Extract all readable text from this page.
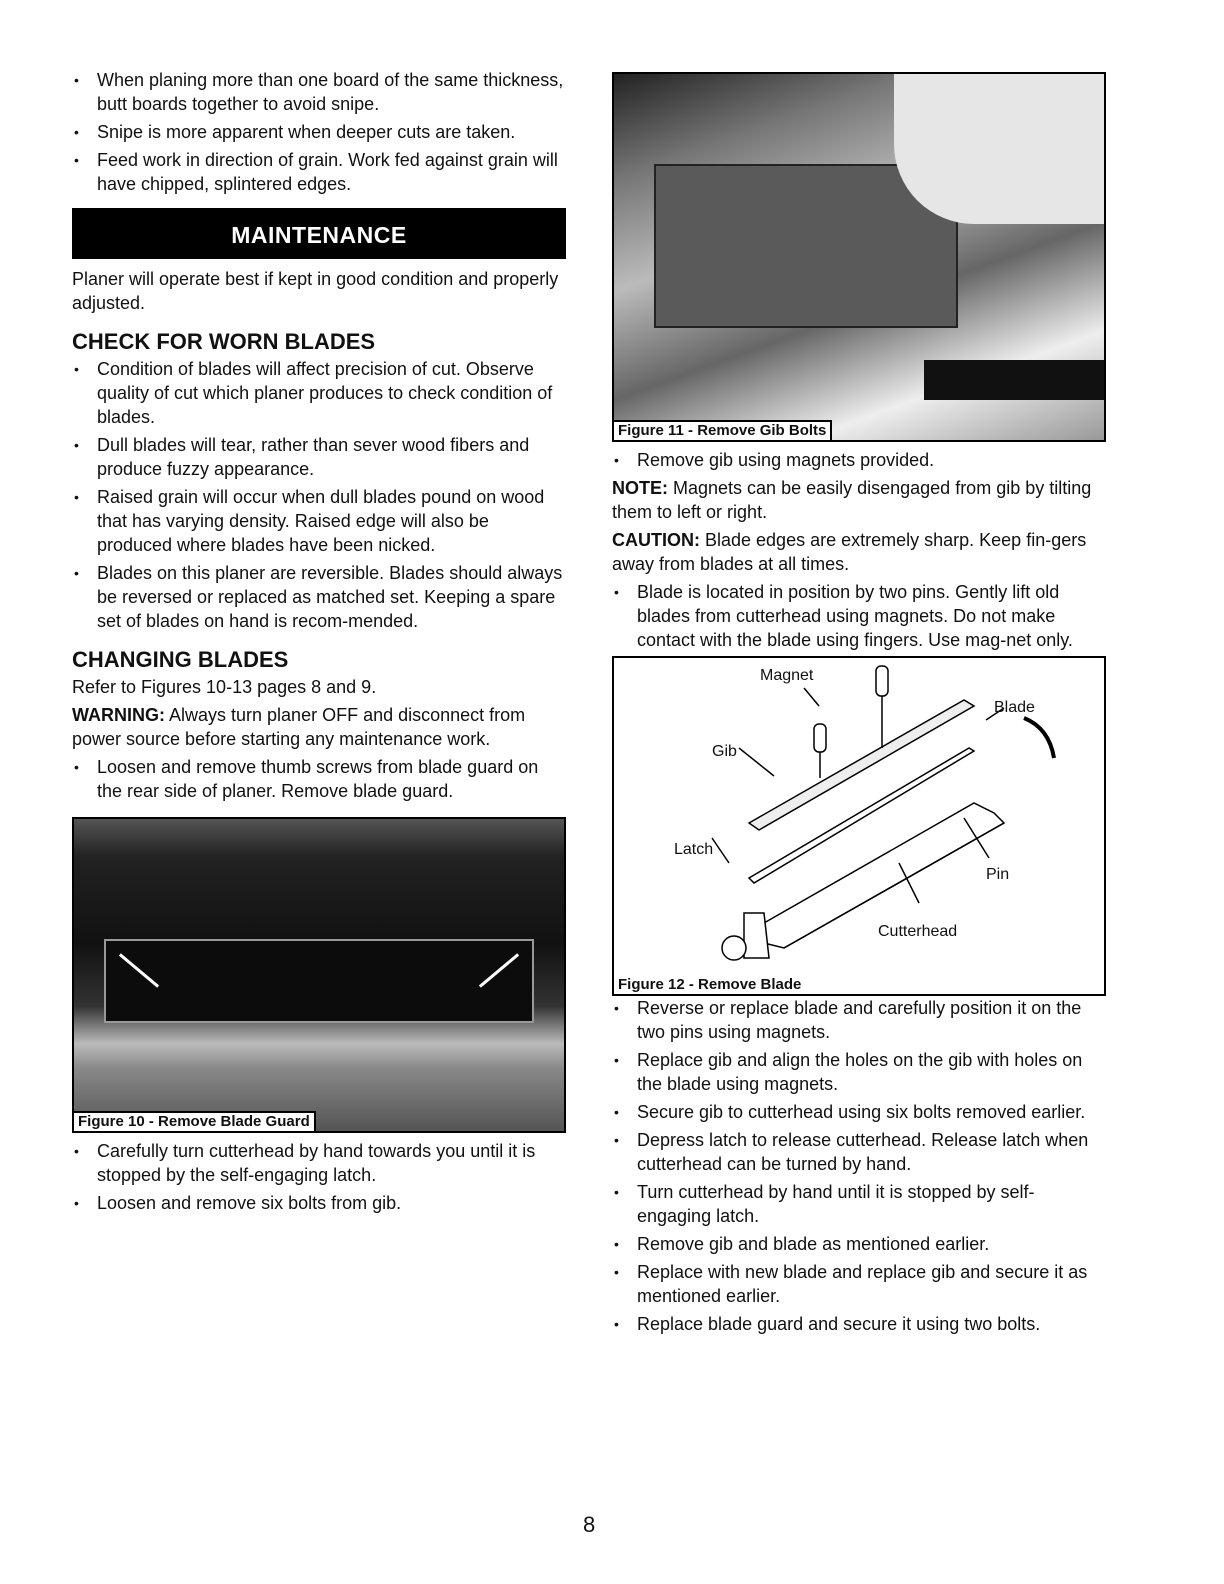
• When planing more than one board of the same thickness, butt boards together to avoid snipe.
• Snipe is more apparent when deeper cuts are taken.
• Feed work in direction of grain. Work fed against grain will have chipped, splintered edges.
MAINTENANCE

Planer will operate best if kept in good condition and properly adjusted.

CHECK FOR WORN BLADES
• Condition of blades will affect precision of cut. Observe quality of cut which planer produces to check condition of blades.
• Dull blades will tear, rather than sever wood fibers and produce fuzzy appearance.
• Raised grain will occur when dull blades pound on wood that has varying density. Raised edge will also be produced where blades have been nicked.
• Blades on this planer are reversible. Blades should always be reversed or replaced as matched set. Keeping a spare set of blades on hand is recom-mended.
CHANGING BLADES

Refer to Figures 10-13 pages 8 and 9.

WARNING: Always turn planer OFF and disconnect from power source before starting any maintenance work.

• Loosen and remove thumb screws from blade guard on the rear side of planer. Remove blade guard.
Figure 10 - Remove Blade Guard
• Carefully turn cutterhead by hand towards you until it is stopped by the self-engaging latch.
• Loosen and remove six bolts from gib.
Figure 11 - Remove Gib Bolts
• Remove gib using magnets provided.

NOTE: Magnets can be easily disengaged from gib by tilting them to left or right.

CAUTION: Blade edges are extremely sharp. Keep fin-gers away from blades at all times.

• Blade is located in position by two pins. Gently lift old blades from cutterhead using magnets. Do not make contact with the blade using fingers. Use mag-net only.
Magnet
Blade
Gib
Latch
Pin
Cutterhead
Figure 12 - Remove Blade
• Reverse or replace blade and carefully position it on the two pins using magnets.
• Replace gib and align the holes on the gib with holes on the blade using magnets.
• Secure gib to cutterhead using six bolts removed earlier.
• Depress latch to release cutterhead. Release latch when cutterhead can be turned by hand.
• Turn cutterhead by hand until it is stopped by self-engaging latch.
• Remove gib and blade as mentioned earlier.
• Replace with new blade and replace gib and secure it as mentioned earlier.
• Replace blade guard and secure it using two bolts.
8
